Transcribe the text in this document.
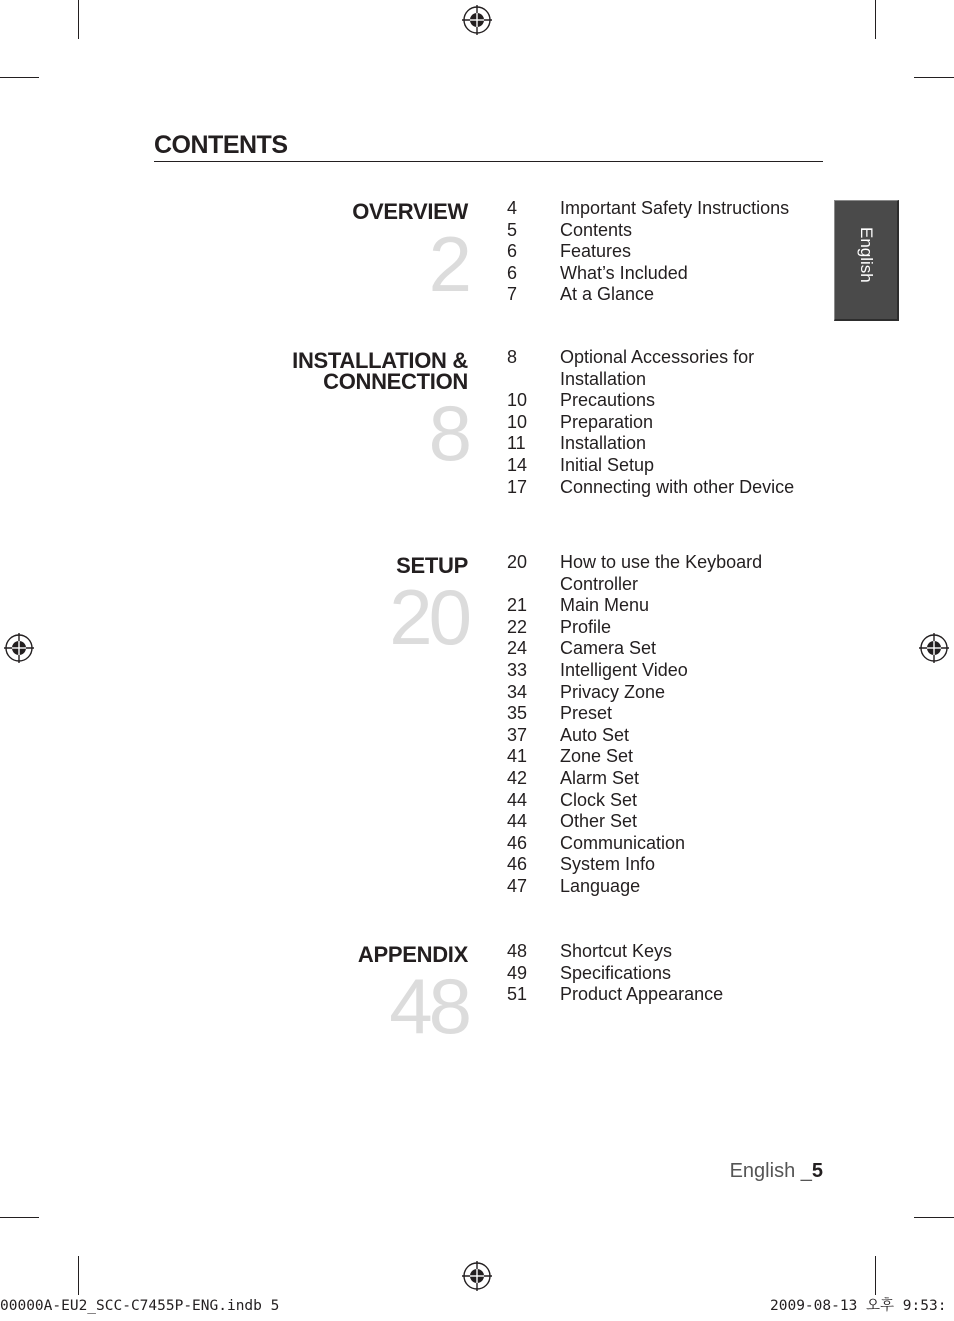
CONTENTS
English
OVERVIEW
2
4	Important Safety Instructions
5	Contents
6	Features
6	What’s Included
7	At a Glance
INSTALLATION &
CONNECTION
8
8	Optional Accessories for Installation
10	Precautions
10	Preparation
11	Installation
14	Initial Setup
17	Connecting with other Device
SETUP
20
20	How to use the Keyboard Controller
21	Main Menu
22	Profile
24	Camera Set
33	Intelligent Video
34	Privacy Zone
35	Preset
37	Auto Set
41	Zone Set
42	Alarm Set
44	Clock Set
44	Other Set
46	Communication
46	System Info
47	Language
APPENDIX
48
48	Shortcut Keys
49	Specifications
51	Product Appearance
English _5
00000A-EU2_SCC-C7455P-ENG.indb 5	2009-08-13 오후 9:53:
